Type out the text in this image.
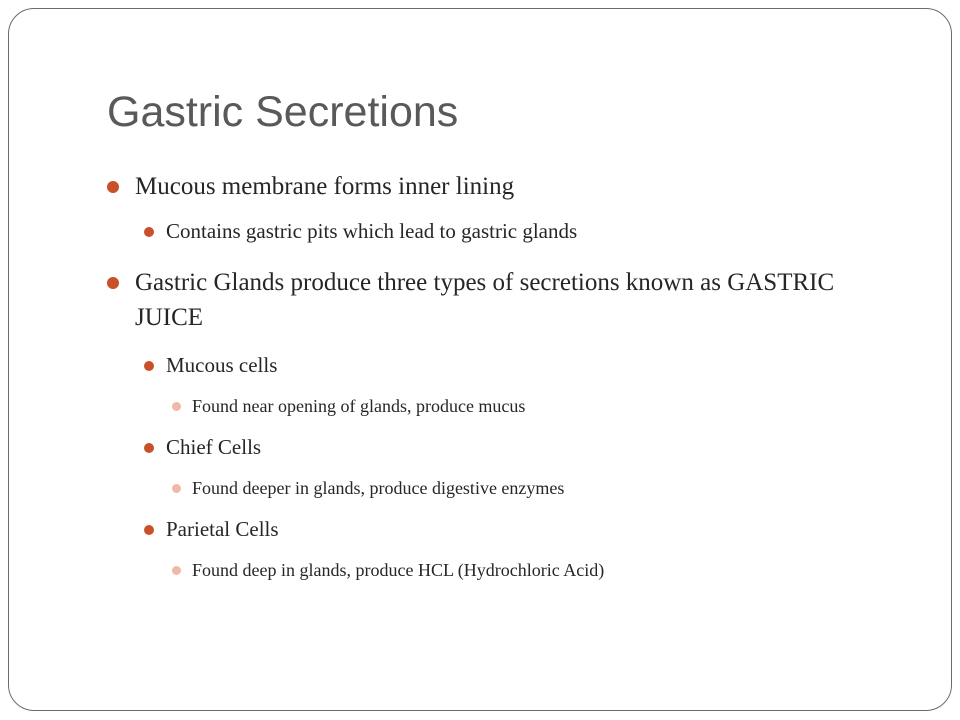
Gastric Secretions
Mucous membrane forms inner lining
Contains gastric pits which lead to gastric glands
Gastric Glands produce three types of secretions known as GASTRIC JUICE
Mucous cells
Found near opening of glands, produce mucus
Chief Cells
Found deeper in glands, produce digestive enzymes
Parietal Cells
Found deep in glands, produce HCL (Hydrochloric Acid)
